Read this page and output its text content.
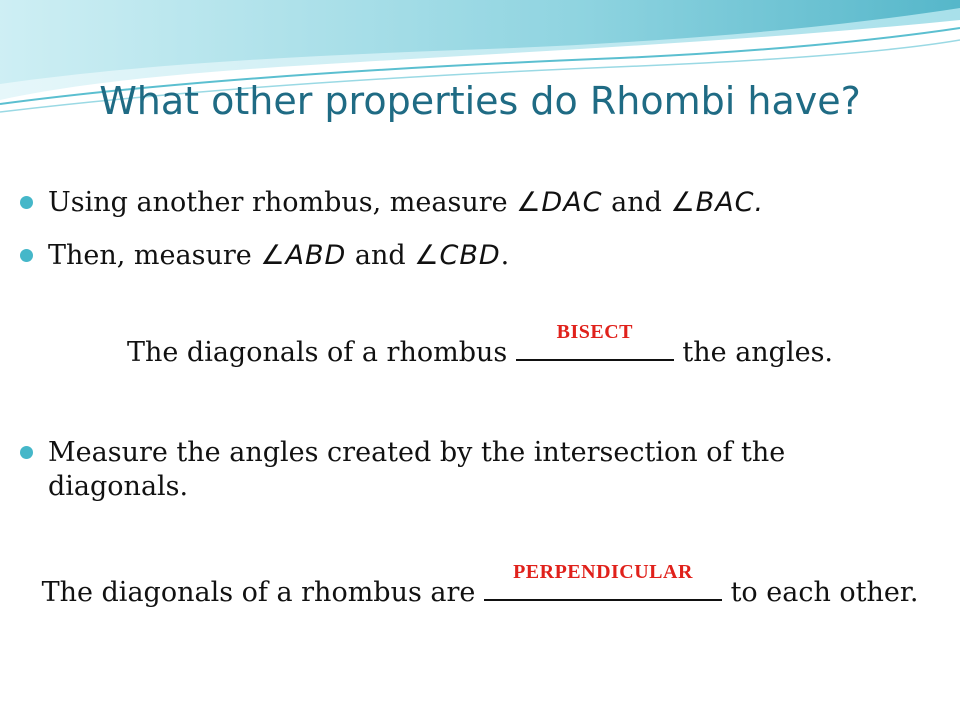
What other properties do Rhombi have?
Using another rhombus, measure ∠DAC and ∠BAC.
Then, measure ∠ABD and ∠CBD.
The diagonals of a rhombus
BISECT
the angles.
Measure the angles created by the intersection of the diagonals.
The diagonals of a rhombus are
PERPENDICULAR
to each other.
